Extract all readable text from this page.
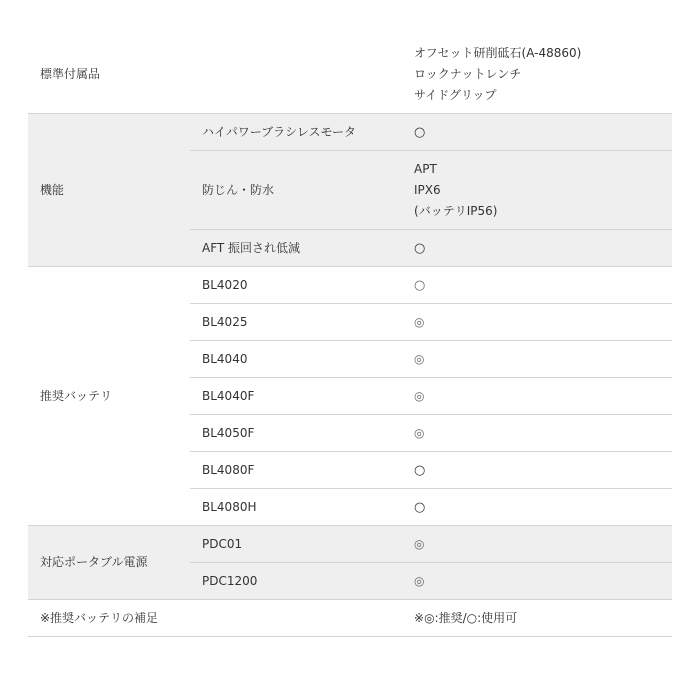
標準付属品		オフセット研削砥石(A-48860)
ロックナットレンチ
サイドグリップ

機能	ハイパワーブラシレスモータ	○
	防じん・防水	APT
IPX6
(バッテリIP56)

	AFT 振回され低減	○
推奨バッテリ	BL4020	○
	BL4025	◎
	BL4040	◎
	BL4040F	◎
	BL4050F	◎
	BL4080F	○
	BL4080H	○
対応ポータブル電源	PDC01	◎
	PDC1200	◎
※推奨バッテリの補足		※◎:推奨/○:使用可
